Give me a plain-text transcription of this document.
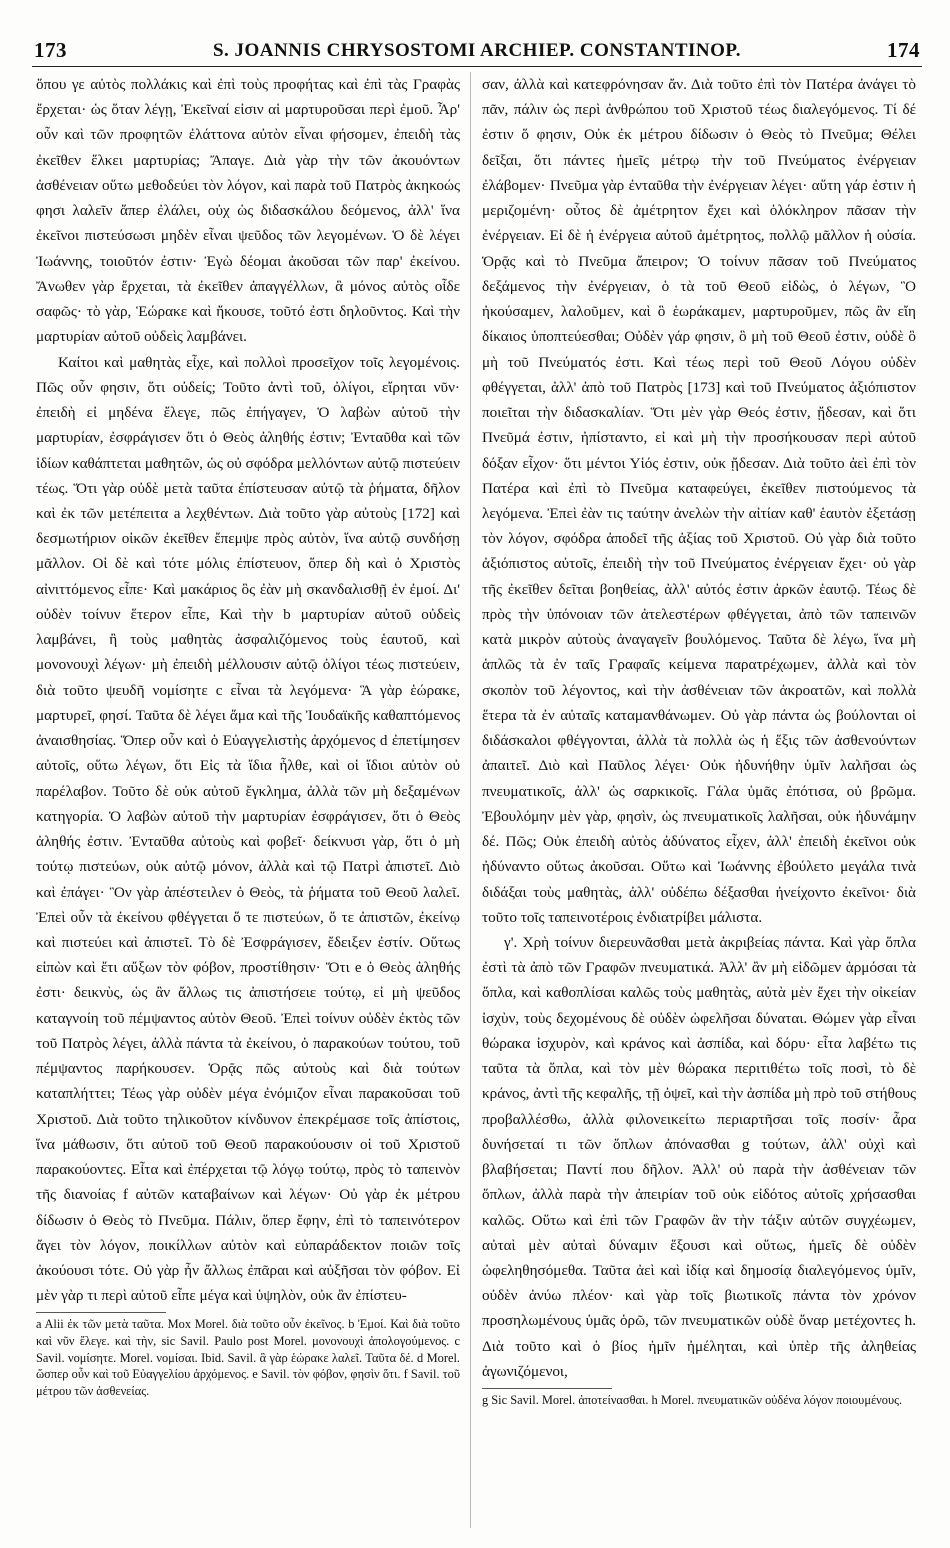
173	S. JOANNIS CHRYSOSTOMI ARCHIEP. CONSTANTINOP.	174

ὅπου γε αὐτὸς πολλάκις καὶ ἐπὶ τοὺς προφήτας καὶ ἐπὶ τὰς Γραφὰς ἔρχεται· ὡς ὅταν λέγῃ, Ἐκεῖναί εἰσιν αἱ μαρτυροῦσαι περὶ ἐμοῦ. Ἆρ' οὖν καὶ τῶν προφητῶν ἐλάττονα αὐτὸν εἶναι φήσομεν, ἐπειδὴ τὰς ἐκεῖθεν ἕλκει μαρτυρίας; Ἄπαγε. Διὰ γὰρ τὴν τῶν ἀκουόντων ἀσθένειαν οὕτω μεθοδεύει τὸν λόγον, καὶ παρὰ τοῦ Πατρὸς ἀκηκοώς φησι λαλεῖν ἅπερ ἐλάλει, οὐχ ὡς διδασκάλου δεόμενος, ἀλλ' ἵνα ἐκεῖνοι πιστεύσωσι μηδὲν εἶναι ψεῦδος τῶν λεγομένων. Ὁ δὲ λέγει Ἰωάννης, τοιοῦτόν ἐστιν· Ἐγὼ δέομαι ἀκοῦσαι τῶν παρ' ἐκείνου. Ἄνωθεν γὰρ ἔρχεται, τὰ ἐκεῖθεν ἀπαγγέλλων, ἃ μόνος αὐτὸς οἶδε σαφῶς· τὸ γὰρ, Ἑώρακε καὶ ἤκουσε, τοῦτό ἐστι δηλοῦντος. Καὶ τὴν μαρτυρίαν αὐτοῦ οὐδεὶς λαμβάνει.

Καίτοι καὶ μαθητὰς εἶχε, καὶ πολλοὶ προσεῖχον τοῖς λεγομένοις. Πῶς οὖν φησιν, ὅτι οὐδείς; Τοῦτο ἀντὶ τοῦ, ὀλίγοι, εἴρηται νῦν· ἐπειδὴ εἰ μηδένα ἔλεγε, πῶς ἐπήγαγεν, Ὁ λαβὼν αὐτοῦ τὴν μαρτυρίαν, ἐσφράγισεν ὅτι ὁ Θεὸς ἀληθής ἐστιν; Ἐνταῦθα καὶ τῶν ἰδίων καθάπτεται μαθητῶν, ὡς οὐ σφόδρα μελλόντων αὐτῷ πιστεύειν τέως. Ὅτι γὰρ οὐδὲ μετὰ ταῦτα ἐπίστευσαν αὐτῷ τὰ ῥήματα, δῆλον καὶ ἐκ τῶν μετέπειτα a λεχθέντων. Διὰ τοῦτο γὰρ αὐτοὺς [172] καὶ δεσμωτήριον οἰκῶν ἐκεῖθεν ἔπεμψε πρὸς αὐτὸν, ἵνα αὐτῷ συνδήσῃ μᾶλλον. Οἱ δὲ καὶ τότε μόλις ἐπίστευον, ὅπερ δὴ καὶ ὁ Χριστὸς αἰνιττόμενος εἶπε· Καὶ μακάριος ὃς ἐὰν μὴ σκανδαλισθῇ ἐν ἐμοί. Δι' οὐδὲν τοίνυν ἕτερον εἶπε, Καὶ τὴν b μαρτυρίαν αὐτοῦ οὐδεὶς λαμβάνει, ἢ τοὺς μαθητὰς ἀσφαλιζόμενος τοὺς ἑαυτοῦ, καὶ μονονουχὶ λέγων· μὴ ἐπειδὴ μέλλουσιν αὐτῷ ὀλίγοι τέως πιστεύειν, διὰ τοῦτο ψευδῆ νομίσητε c εἶναι τὰ λεγόμενα· Ἃ γὰρ ἑώρακε, μαρτυρεῖ, φησί. Ταῦτα δὲ λέγει ἅμα καὶ τῆς Ἰουδαϊκῆς καθαπτόμενος ἀναισθησίας. Ὅπερ οὖν καὶ ὁ Εὐαγγελιστὴς ἀρχόμενος d ἐπετίμησεν αὐτοῖς, οὕτω λέγων, ὅτι Εἰς τὰ ἴδια ἦλθε, καὶ οἱ ἴδιοι αὐτὸν οὐ παρέλαβον. Τοῦτο δὲ οὐκ αὐτοῦ ἔγκλημα, ἀλλὰ τῶν μὴ δεξαμένων κατηγορία. Ὁ λαβὼν αὐτοῦ τὴν μαρτυρίαν ἐσφράγισεν, ὅτι ὁ Θεὸς ἀληθής ἐστιν. Ἐνταῦθα αὐτοὺς καὶ φοβεῖ· δείκνυσι γὰρ, ὅτι ὁ μὴ τούτῳ πιστεύων, οὐκ αὐτῷ μόνον, ἀλλὰ καὶ τῷ Πατρὶ ἀπιστεῖ. Διὸ καὶ ἐπάγει· Ὃν γὰρ ἀπέστειλεν ὁ Θεὸς, τὰ ῥήματα τοῦ Θεοῦ λαλεῖ. Ἐπεὶ οὖν τὰ ἐκείνου φθέγγεται ὅ τε πιστεύων, ὅ τε ἀπιστῶν, ἐκείνῳ καὶ πιστεύει καὶ ἀπιστεῖ. Τὸ δὲ Ἐσφράγισεν, ἔδειξεν ἐστίν. Οὕτως εἰπὼν καὶ ἔτι αὔξων τὸν φόβον, προστίθησιν· Ὅτι e ὁ Θεὸς ἀληθής ἐστι· δεικνὺς, ὡς ἂν ἄλλως τις ἀπιστήσειε τούτῳ, εἰ μὴ ψεῦδος καταγνοίη τοῦ πέμψαντος αὐτὸν Θεοῦ. Ἐπεὶ τοίνυν οὐδὲν ἐκτὸς τῶν τοῦ Πατρὸς λέγει, ἀλλὰ πάντα τὰ ἐκείνου, ὁ παρακούων τούτου, τοῦ πέμψαντος παρήκουσεν. Ὁρᾷς πῶς αὐτοὺς καὶ διὰ τούτων καταπλήττει; Τέως γὰρ οὐδὲν μέγα ἐνόμιζον εἶναι παρακοῦσαι τοῦ Χριστοῦ. Διὰ τοῦτο τηλικοῦτον κίνδυνον ἐπεκρέμασε τοῖς ἀπίστοις, ἵνα μάθωσιν, ὅτι αὐτοῦ τοῦ Θεοῦ παρακούουσιν οἱ τοῦ Χριστοῦ παρακούοντες. Εἶτα καὶ ἐπέρχεται τῷ λόγῳ τούτῳ, πρὸς τὸ ταπεινὸν τῆς διανοίας f αὐτῶν καταβαίνων καὶ λέγων· Οὐ γὰρ ἐκ μέτρου δίδωσιν ὁ Θεὸς τὸ Πνεῦμα. Πάλιν, ὅπερ ἔφην, ἐπὶ τὸ ταπεινότερον ἄγει τὸν λόγον, ποικίλλων αὐτὸν καὶ εὐπαράδεκτον ποιῶν τοῖς ἀκούουσι τότε. Οὐ γὰρ ἦν ἄλλως ἐπᾶραι καὶ αὐξῆσαι τὸν φόβον. Εἰ μὲν γὰρ τι περὶ αὐτοῦ εἶπε μέγα καὶ ὑψηλὸν, οὐκ ἂν ἐπίστευ-

a Alii ἐκ τῶν μετὰ ταῦτα. Mox Morel. διὰ τοῦτο οὖν ἐκεῖνος. b Ἐμοί. Καὶ διὰ τοῦτο καὶ νῦν ἔλεγε. καὶ τὴν, sic Savil. Paulo post Morel. μονονουχὶ ἀπολογούμενος. c Savil. νομίσητε. Morel. νομίσαι. Ibid. Savil. ἃ γὰρ ἑώρακε λαλεῖ. Ταῦτα δέ. d Morel. ὥσπερ οὖν καὶ τοῦ Εὐαγγελίου ἀρχόμενος. e Savil. τὸν φόβον, φησὶν ὅτι. f Savil. τοῦ μέτρου τῶν ἀσθενείας.

σαν, ἀλλὰ καὶ κατεφρόνησαν ἄν. Διὰ τοῦτο ἐπὶ τὸν Πατέρα ἀνάγει τὸ πᾶν, πάλιν ὡς περὶ ἀνθρώπου τοῦ Χριστοῦ τέως διαλεγόμενος. Τί δέ ἐστιν ὅ φησιν, Οὐκ ἐκ μέτρου δίδωσιν ὁ Θεὸς τὸ Πνεῦμα; Θέλει δεῖξαι, ὅτι πάντες ἡμεῖς μέτρῳ τὴν τοῦ Πνεύματος ἐνέργειαν ἐλάβομεν· Πνεῦμα γὰρ ἐνταῦθα τὴν ἐνέργειαν λέγει· αὕτη γάρ ἐστιν ἡ μεριζομένη· οὗτος δὲ ἀμέτρητον ἔχει καὶ ὁλόκληρον πᾶσαν τὴν ἐνέργειαν. Εἰ δὲ ἡ ἐνέργεια αὐτοῦ ἀμέτρητος, πολλῷ μᾶλλον ἡ οὐσία. Ὁρᾷς καὶ τὸ Πνεῦμα ἄπειρον; Ὁ τοίνυν πᾶσαν τοῦ Πνεύματος δεξάμενος τὴν ἐνέργειαν, ὁ τὰ τοῦ Θεοῦ εἰδὼς, ὁ λέγων, Ὃ ἠκούσαμεν, λαλοῦμεν, καὶ ὃ ἑωράκαμεν, μαρτυροῦμεν, πῶς ἂν εἴη δίκαιος ὑποπτεύεσθαι; Οὐδὲν γάρ φησιν, ὃ μὴ τοῦ Θεοῦ ἐστιν, οὐδὲ ὃ μὴ τοῦ Πνεύματός ἐστι. Καὶ τέως περὶ τοῦ Θεοῦ Λόγου οὐδὲν φθέγγεται, ἀλλ' ἀπὸ τοῦ Πατρὸς [173] καὶ τοῦ Πνεύματος ἀξιόπιστον ποιεῖται τὴν διδασκαλίαν. Ὅτι μὲν γὰρ Θεός ἐστιν, ᾔδεσαν, καὶ ὅτι Πνεῦμά ἐστιν, ἠπίσταντο, εἰ καὶ μὴ τὴν προσήκουσαν περὶ αὐτοῦ δόξαν εἶχον· ὅτι μέντοι Υἱός ἐστιν, οὐκ ᾔδεσαν. Διὰ τοῦτο ἀεὶ ἐπὶ τὸν Πατέρα καὶ ἐπὶ τὸ Πνεῦμα καταφεύγει, ἐκεῖθεν πιστούμενος τὰ λεγόμενα. Ἐπεὶ ἐὰν τις ταύτην ἀνελὼν τὴν αἰτίαν καθ' ἑαυτὸν ἐξετάσῃ τὸν λόγον, σφόδρα ἀποδεῖ τῆς ἀξίας τοῦ Χριστοῦ. Οὐ γὰρ διὰ τοῦτο ἀξιόπιστος αὐτοῖς, ἐπειδὴ τὴν τοῦ Πνεύματος ἐνέργειαν ἔχει· οὐ γὰρ τῆς ἐκεῖθεν δεῖται βοηθείας, ἀλλ' αὐτός ἐστιν ἀρκῶν ἑαυτῷ. Τέως δὲ πρὸς τὴν ὑπόνοιαν τῶν ἀτελεστέρων φθέγγεται, ἀπὸ τῶν ταπεινῶν κατὰ μικρὸν αὐτοὺς ἀναγαγεῖν βουλόμενος. Ταῦτα δὲ λέγω, ἵνα μὴ ἁπλῶς τὰ ἐν ταῖς Γραφαῖς κείμενα παρατρέχωμεν, ἀλλὰ καὶ τὸν σκοπὸν τοῦ λέγοντος, καὶ τὴν ἀσθένειαν τῶν ἀκροατῶν, καὶ πολλὰ ἕτερα τὰ ἐν αὐταῖς καταμανθάνωμεν. Οὐ γὰρ πάντα ὡς βούλονται οἱ διδάσκαλοι φθέγγονται, ἀλλὰ τὰ πολλὰ ὡς ἡ ἕξις τῶν ἀσθενούντων ἀπαιτεῖ. Διὸ καὶ Παῦλος λέγει· Οὐκ ἠδυνήθην ὑμῖν λαλῆσαι ὡς πνευματικοῖς, ἀλλ' ὡς σαρκικοῖς. Γάλα ὑμᾶς ἐπότισα, οὐ βρῶμα. Ἐβουλόμην μὲν γὰρ, φησὶν, ὡς πνευματικοῖς λαλῆσαι, οὐκ ἠδυνάμην δέ. Πῶς; Οὐκ ἐπειδὴ αὐτὸς ἀδύνατος εἶχεν, ἀλλ' ἐπειδὴ ἐκεῖνοι οὐκ ἠδύναντο οὕτως ἀκοῦσαι. Οὕτω καὶ Ἰωάννης ἐβούλετο μεγάλα τινὰ διδάξαι τοὺς μαθητὰς, ἀλλ' οὐδέπω δέξασθαι ἠνείχοντο ἐκεῖνοι· διὰ τοῦτο τοῖς ταπεινοτέροις ἐνδιατρίβει μάλιστα.

γ'. Χρὴ τοίνυν διερευνᾶσθαι μετὰ ἀκριβείας πάντα. Καὶ γὰρ ὅπλα ἐστὶ τὰ ἀπὸ τῶν Γραφῶν πνευματικά. Ἀλλ' ἂν μὴ εἰδῶμεν ἁρμόσαι τὰ ὅπλα, καὶ καθοπλίσαι καλῶς τοὺς μαθητὰς, αὐτὰ μὲν ἔχει τὴν οἰκείαν ἰσχὺν, τοὺς δεχομένους δὲ οὐδὲν ὠφελῆσαι δύναται. Θώμεν γὰρ εἶναι θώρακα ἰσχυρὸν, καὶ κράνος καὶ ἀσπίδα, καὶ δόρυ· εἶτα λαβέτω τις ταῦτα τὰ ὅπλα, καὶ τὸν μὲν θώρακα περιτιθέτω τοῖς ποσὶ, τὸ δὲ κράνος, ἀντὶ τῆς κεφαλῆς, τῇ ὀψεῖ, καὶ τὴν ἀσπίδα μὴ πρὸ τοῦ στήθους προβαλλέσθω, ἀλλὰ φιλονεικείτω περιαρτῆσαι τοῖς ποσίν· ἆρα δυνήσεταί τι τῶν ὅπλων ἀπόνασθαι g τούτων, ἀλλ' οὐχὶ καὶ βλαβήσεται; Παντί που δῆλον. Ἀλλ' οὐ παρὰ τὴν ἀσθένειαν τῶν ὅπλων, ἀλλὰ παρὰ τὴν ἀπειρίαν τοῦ οὐκ εἰδότος αὐτοῖς χρήσασθαι καλῶς. Οὕτω καὶ ἐπὶ τῶν Γραφῶν ἂν τὴν τάξιν αὐτῶν συγχέωμεν, αὐταὶ μὲν αὐταὶ δύναμιν ἕξουσι καὶ οὕτως, ἡμεῖς δὲ οὐδὲν ὠφεληθησόμεθα. Ταῦτα ἀεὶ καὶ ἰδίᾳ καὶ δημοσίᾳ διαλεγόμενος ὑμῖν, οὐδὲν ἀνύω πλέον· καὶ γὰρ τοῖς βιωτικοῖς πάντα τὸν χρόνον προσηλωμένους ὑμᾶς ὁρῶ, τῶν πνευματικῶν οὐδὲ ὄναρ μετέχοντες h. Διὰ τοῦτο καὶ ὁ βίος ἡμῖν ἠμέληται, καὶ ὑπὲρ τῆς ἀληθείας ἀγωνιζόμενοι,

g Sic Savil. Morel. ἀποτείνασθαι. h Morel. πνευματικῶν οὐδένα λόγον ποιουμένους.
